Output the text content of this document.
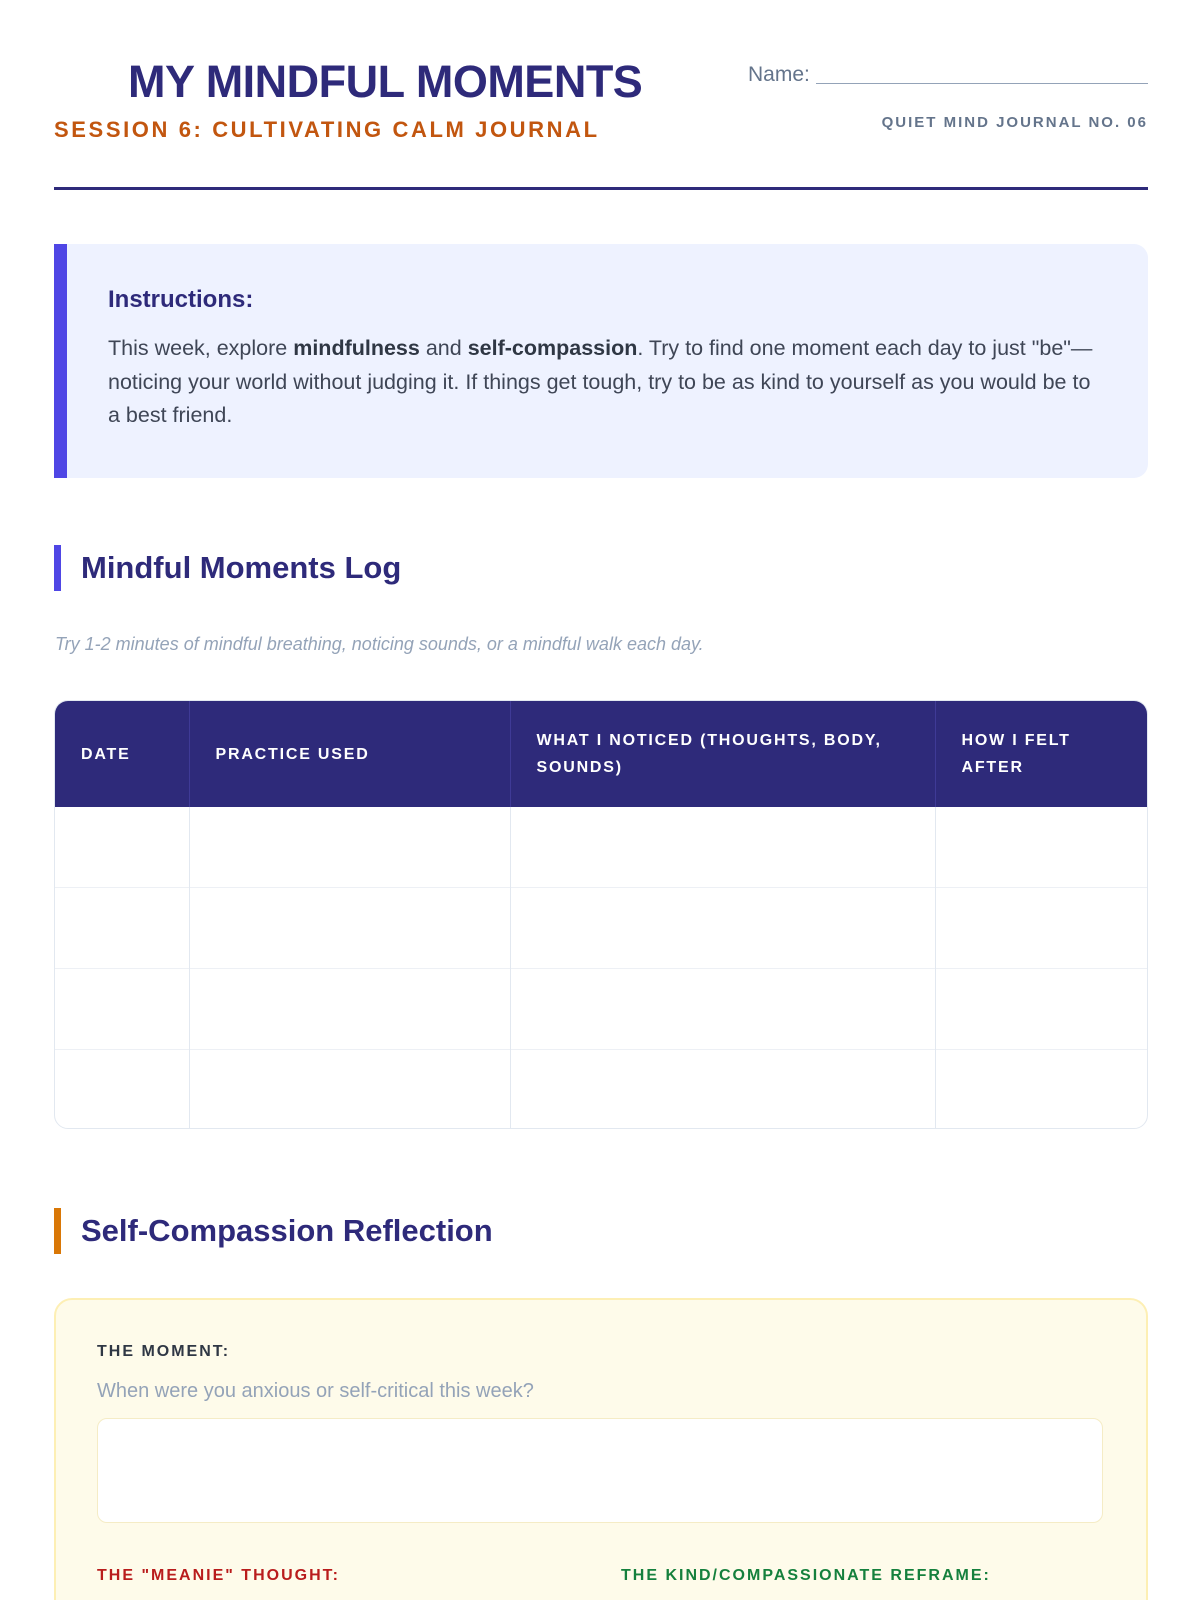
MY MINDFUL MOMENTS
SESSION 6: CULTIVATING CALM JOURNAL
Name:
QUIET MIND JOURNAL NO. 06
Instructions:

This week, explore mindfulness and self-compassion. Try to find one moment each day to just "be"—noticing your world without judging it. If things get tough, try to be as kind to yourself as you would be to a best friend.

Mindful Moments Log
Try 1-2 minutes of mindful breathing, noticing sounds, or a mindful walk each day.
DATE	PRACTICE USED	WHAT I NOTICED (THOUGHTS, BODY, SOUNDS)	HOW I FELT AFTER

Self-Compassion Reflection
THE MOMENT:
When were you anxious or self-critical this week?
THE "MEANIE" THOUGHT:	THE KIND/COMPASSIONATE REFRAME:
